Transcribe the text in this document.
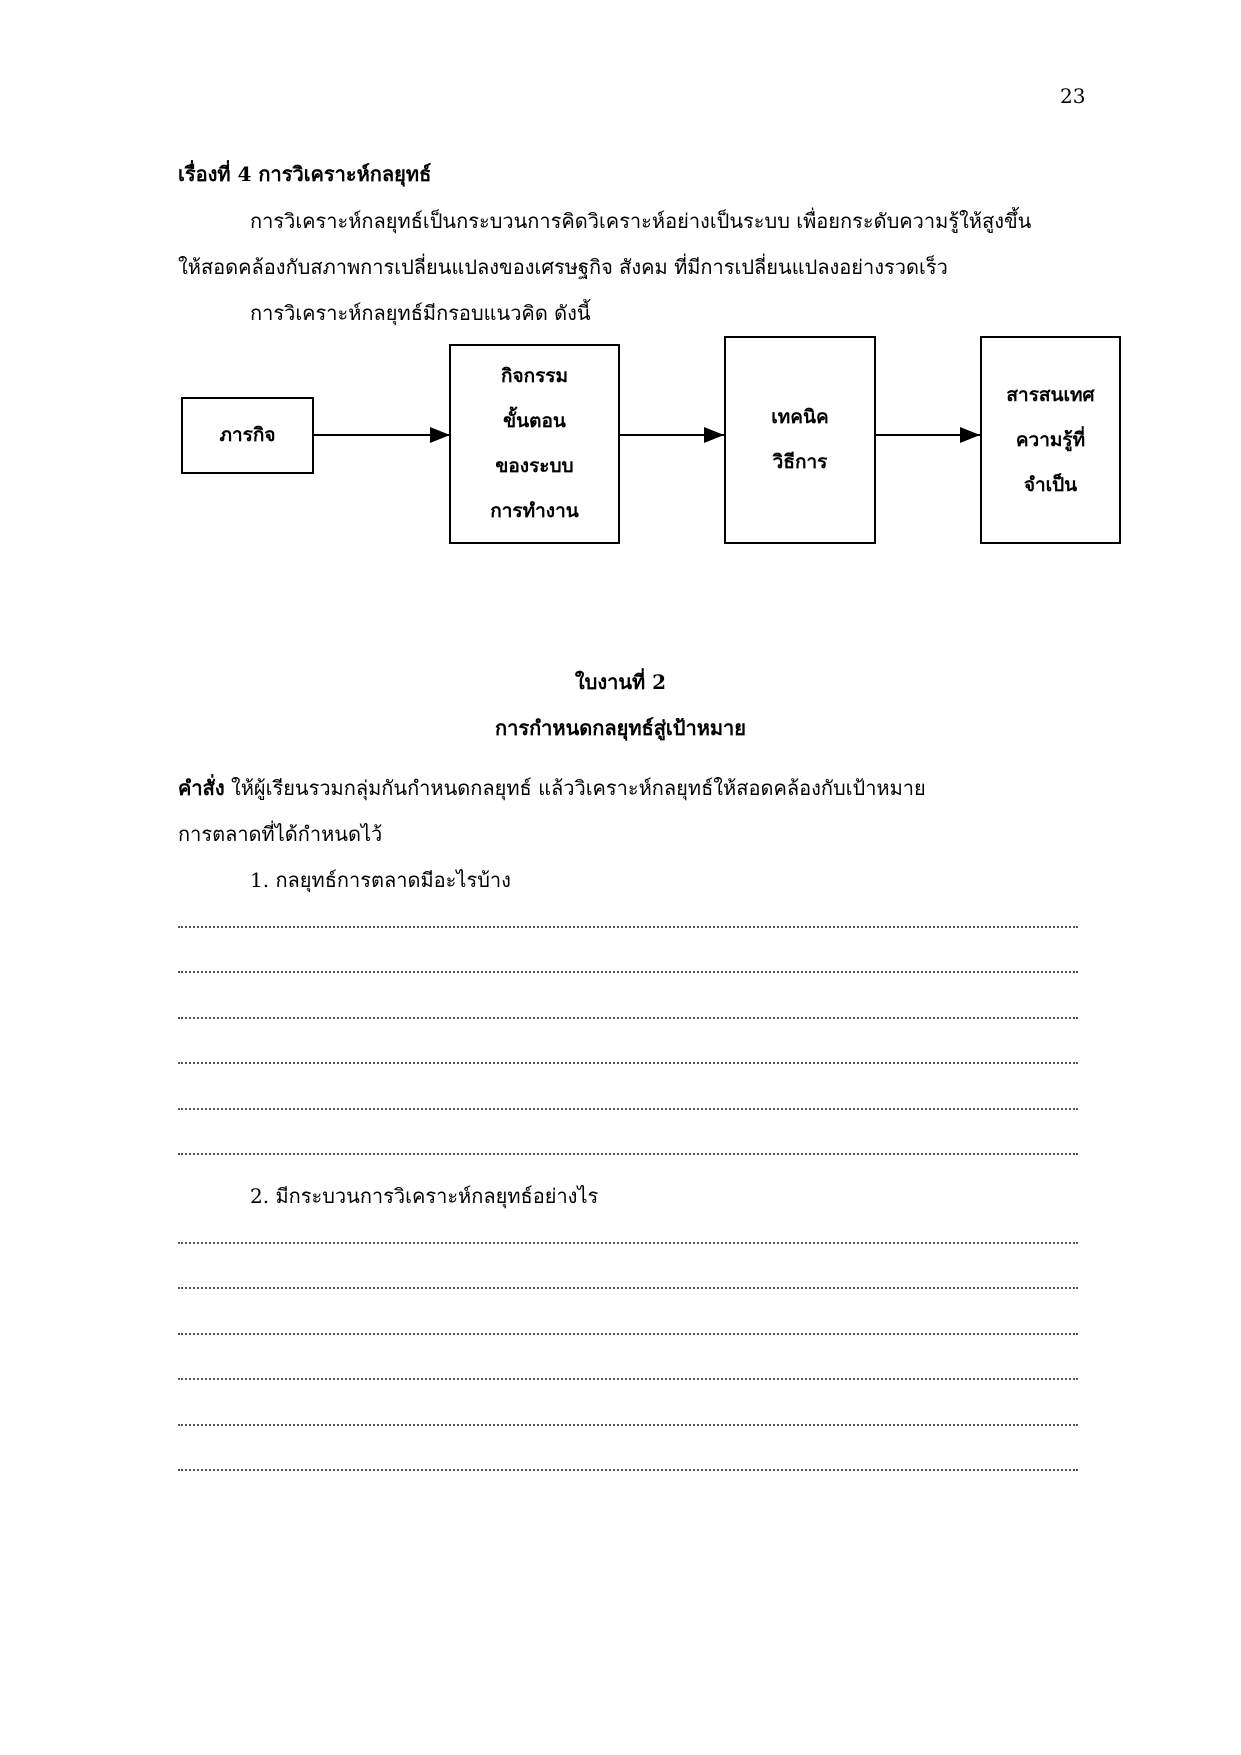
23
เรื่องที่ 4 การวิเคราะห์กลยุทธ์
การวิเคราะห์กลยุทธ์เป็นกระบวนการคิดวิเคราะห์อย่างเป็นระบบ เพื่อยกระดับความรู้ให้สูงขึ้น
ให้สอดคล้องกับสภาพการเปลี่ยนแปลงของเศรษฐกิจ สังคม ที่มีการเปลี่ยนแปลงอย่างรวดเร็ว
การวิเคราะห์กลยุทธ์มีกรอบแนวคิด ดังนี้
ภารกิจ
กิจกรรม
ขั้นตอน
ของระบบ
การทำงาน
เทคนิค
วิธีการ
สารสนเทศ
ความรู้ที่
จำเป็น
ใบงานที่ 2
การกำหนดกลยุทธ์สู่เป้าหมาย
คำสั่ง ให้ผู้เรียนรวมกลุ่มกันกำหนดกลยุทธ์ แล้ววิเคราะห์กลยุทธ์ให้สอดคล้องกับเป้าหมาย
การตลาดที่ได้กำหนดไว้
1. กลยุทธ์การตลาดมีอะไรบ้าง
2. มีกระบวนการวิเคราะห์กลยุทธ์อย่างไร
